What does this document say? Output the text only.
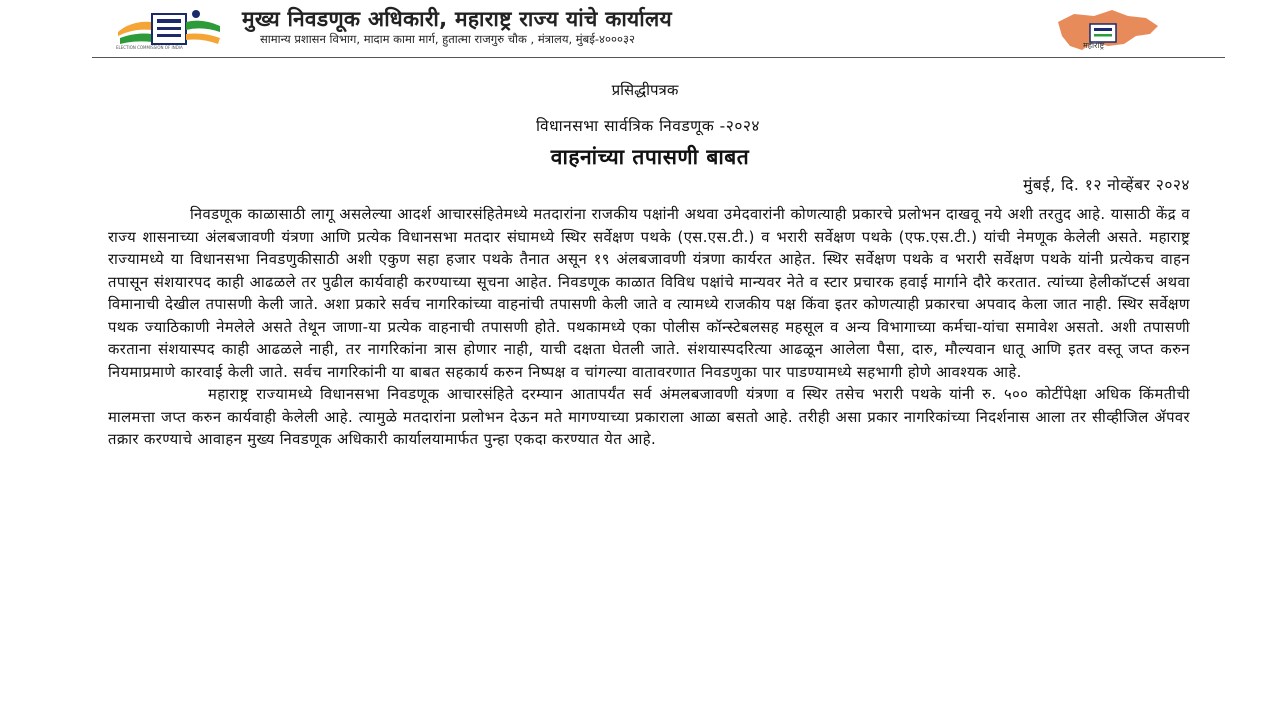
ELECTION COMMISSION OF INDIA
मुख्य निवडणूक अधिकारी, महाराष्ट्र राज्य यांचे कार्यालय
सामान्य प्रशासन विभाग, मादाम कामा मार्ग, हुतात्मा राजगुरु चौक , मंत्रालय, मुंबई-४०००३२	महाराष्ट्र
प्रसिद्धीपत्रक
विधानसभा सार्वत्रिक निवडणूक -२०२४
वाहनांच्या तपासणी बाबत
मुंबई, दि. १२ नोव्हेंबर २०२४

निवडणूक काळासाठी लागू असलेल्या आदर्श आचारसंहितेमध्ये मतदारांना राजकीय पक्षांनी अथवा उमेदवारांनी कोणत्याही प्रकारचे प्रलोभन दाखवू नये अशी तरतुद आहे. यासाठी केंद्र व राज्य शासनाच्या अंलबजावणी यंत्रणा आणि प्रत्येक विधानसभा मतदार संघामध्ये स्थिर सर्वेक्षण पथके (एस.एस.टी.) व भरारी सर्वेक्षण पथके (एफ.एस.टी.) यांची नेमणूक केलेली असते. महाराष्ट्र राज्यामध्ये या विधानसभा निवडणुकीसाठी अशी एकुण सहा हजार पथके तैनात असून १९ अंलबजावणी यंत्रणा कार्यरत आहेत. स्थिर सर्वेक्षण पथके व भरारी सर्वेक्षण पथके यांनी प्रत्येकच वाहन तपासून संशयारपद काही आढळले तर पुढील कार्यवाही करण्याच्या सूचना आहेत. निवडणूक काळात विविध पक्षांचे मान्यवर नेते व स्टार प्रचारक हवाई मार्गाने दौरे करतात. त्यांच्या हेलीकॉप्टर्स अथवा विमानाची देखील तपासणी केली जाते. अशा प्रकारे सर्वच नागरिकांच्या वाहनांची तपासणी केली जाते व त्यामध्ये राजकीय पक्ष किंवा इतर कोणत्याही प्रकारचा अपवाद केला जात नाही. स्थिर सर्वेक्षण पथक ज्याठिकाणी नेमलेले असते तेथून जाणा-या प्रत्येक वाहनाची तपासणी होते. पथकामध्ये एका पोलीस कॉन्स्टेबलसह महसूल व अन्य विभागाच्या कर्मचा-यांचा समावेश असतो. अशी तपासणी करताना संशयास्पद काही आढळले नाही, तर नागरिकांना त्रास होणार नाही, याची दक्षता घेतली जाते. संशयास्पदरित्या आढळून आलेला पैसा, दारु, मौल्यवान धातू आणि इतर वस्तू जप्त करुन नियमाप्रमाणे कारवाई केली जाते. सर्वच नागरिकांनी या बाबत सहकार्य करुन निष्पक्ष व चांगल्या वातावरणात निवडणुका पार पाडण्यामध्ये सहभागी होणे आवश्यक आहे.

महाराष्ट्र राज्यामध्ये विधानसभा निवडणूक आचारसंहिते दरम्यान आतापर्यंत सर्व अंमलबजावणी यंत्रणा व स्थिर तसेच भरारी पथके यांनी रु. ५०० कोटींपेक्षा अधिक किंमतीची मालमत्ता जप्त करुन कार्यवाही केलेली आहे. त्यामुळे मतदारांना प्रलोभन देऊन मते मागण्याच्या प्रकाराला आळा बसतो आहे. तरीही असा प्रकार नागरिकांच्या निदर्शनास आला तर सीव्हीजिल ॲपवर तक्रार करण्याचे आवाहन मुख्य निवडणूक अधिकारी कार्यालयामार्फत पुन्हा एकदा करण्यात येत आहे.
